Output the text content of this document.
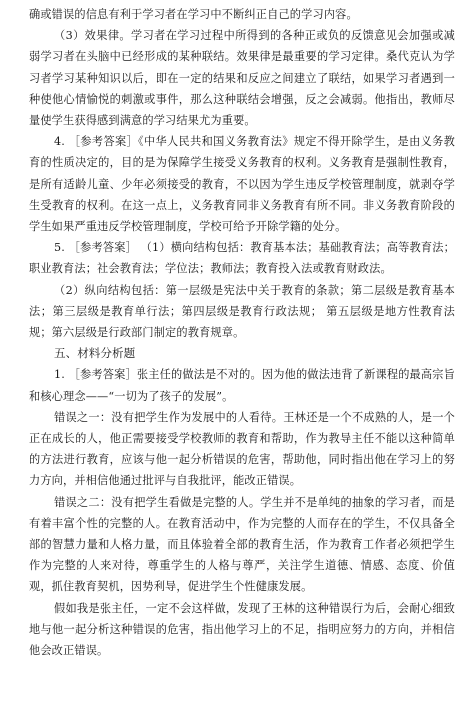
确或错误的信息有利于学习者在学习中不断纠正自己的学习内容。

（3）效果律。学习者在学习过程中所得到的各种正或负的反馈意见会加强或减弱学习者在头脑中已经形成的某种联结。效果律是最重要的学习定律。桑代克认为学习者学习某种知识以后，即在一定的结果和反应之间建立了联结，如果学习者遇到一种使他心情愉悦的刺激或事件，那么这种联结会增强，反之会减弱。他指出，教师尽量使学生获得感到满意的学习结果尤为重要。

4. ［参考答案］《中华人民共和国义务教育法》规定不得开除学生，是由义务教育的性质决定的，目的是为保障学生接受义务教育的权利。义务教育是强制性教育，是所有适龄儿童、少年必须接受的教育，不以因为学生违反学校管理制度，就剥夺学生受教育的权利。在这一点上，义务教育同非义务教育有所不同。非义务教育阶段的学生如果严重违反学校管理制度，学校可给予开除学籍的处分。

5. ［参考答案］ （1）横向结构包括：教育基本法；基础教育法；高等教育法；职业教育法；社会教育法；学位法；教师法；教育投入法或教育财政法。

（2）纵向结构包括：第一层级是宪法中关于教育的条款；第二层级是教育基本法；第三层级是教育单行法；第四层级是教育行政法规； 第五层级是地方性教育法规；第六层级是行政部门制定的教育规章。

五、材料分析题

1. ［参考答案］张主任的做法是不对的。因为他的做法违背了新课程的最高宗旨和核心理念——“一切为了孩子的发展”。

错误之一：没有把学生作为发展中的人看待。王林还是一个不成熟的人，是一个正在成长的人，他正需要接受学校教师的教育和帮助，作为教导主任不能以这种简单的方法进行教育，应该与他一起分析错误的危害，帮助他，同时指出他在学习上的努力方向，并相信他通过批评与自我批评，能改正错误。

错误之二：没有把学生看做是完整的人。学生并不是单纯的抽象的学习者，而是有着丰富个性的完整的人。在教育活动中，作为完整的人而存在的学生，不仅具备全部的智慧力量和人格力量，而且体验着全部的教育生活，作为教育工作者必须把学生作为完整的人来对待，尊重学生的人格与尊严，关注学生道德、情感、态度、价值观，抓住教育契机，因势利导，促进学生个性健康发展。

假如我是张主任，一定不会这样做，发现了王林的这种错误行为后，会耐心细致地与他一起分析这种错误的危害，指出他学习上的不足，指明应努力的方向，并相信他会改正错误。
